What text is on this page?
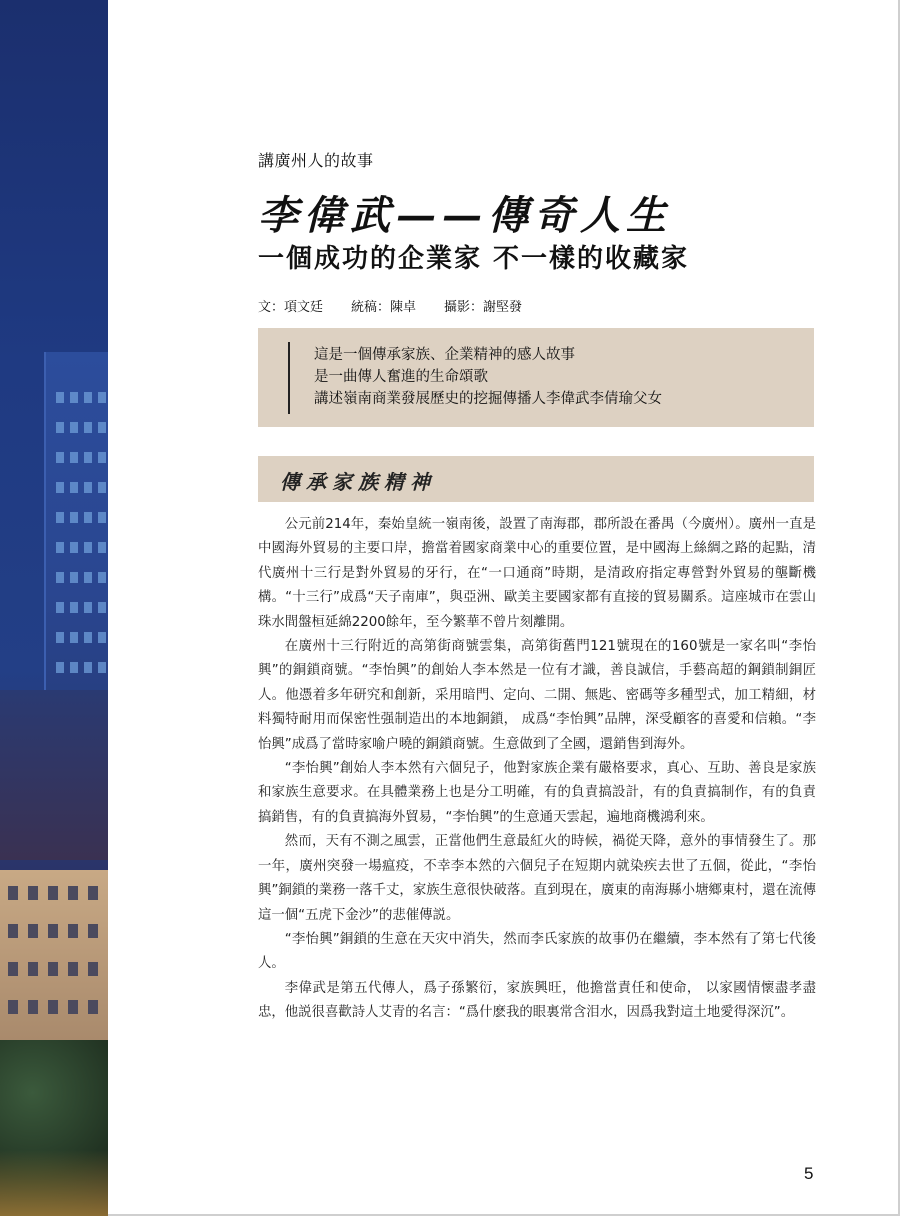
講廣州人的故事
李偉武——傳奇人生
一個成功的企業家 不一樣的收藏家
文：項文廷 統稿：陳卓 攝影：謝堅發
這是一個傳承家族、企業精神的感人故事
是一曲傳人奮進的生命頌歌
講述嶺南商業發展歷史的挖掘傳播人李偉武李倩瑜父女
傳承家族精神

公元前214年，秦始皇統一嶺南後，設置了南海郡，郡所設在番禺（今廣州）。廣州一直是中國海外貿易的主要口岸，擔當着國家商業中心的重要位置，是中國海上絲綢之路的起點，清代廣州十三行是對外貿易的牙行，在“一口通商”時期，是清政府指定專營對外貿易的壟斷機構。“十三行”成爲“天子南庫”，與亞洲、歐美主要國家都有直接的貿易關系。這座城市在雲山珠水間盤桓延綿2200餘年，至今繁華不曾片刻離開。

在廣州十三行附近的高第街商號雲集，高第街舊門121號現在的160號是一家名叫“李怡興”的銅鎖商號。“李怡興”的創始人李本然是一位有才識，善良誠信，手藝高超的鋼鎖制銅匠人。他憑着多年研究和創新，采用暗門、定向、二開、無匙、密碼等多種型式，加工精細，材料獨特耐用而保密性强制造出的本地銅鎖， 成爲“李怡興”品牌，深受顧客的喜愛和信賴。“李怡興”成爲了當時家喻户曉的銅鎖商號。生意做到了全國，還銷售到海外。

“李怡興”創始人李本然有六個兒子，他對家族企業有嚴格要求，真心、互助、善良是家族和家族生意要求。在具體業務上也是分工明確，有的負責搞設計，有的負責搞制作，有的負責搞銷售，有的負責搞海外貿易，“李怡興”的生意通天雲起，遍地商機鴻利來。

然而，天有不測之風雲，正當他們生意最紅火的時候，禍從天降，意外的事情發生了。那一年，廣州突發一場瘟疫，不幸李本然的六個兒子在短期内就染疾去世了五個，從此，“李怡興”銅鎖的業務一落千丈，家族生意很快破落。直到現在，廣東的南海縣小塘鄉東村，還在流傳這一個“五虎下金沙”的悲催傳説。

“李怡興”銅鎖的生意在天灾中消失，然而李氏家族的故事仍在繼續，李本然有了第七代後人。

李偉武是第五代傳人，爲子孫繁衍，家族興旺，他擔當責任和使命， 以家國情懷盡孝盡忠，他説很喜歡詩人艾青的名言：“爲什麽我的眼裏常含泪水，因爲我對這土地愛得深沉”。

5
